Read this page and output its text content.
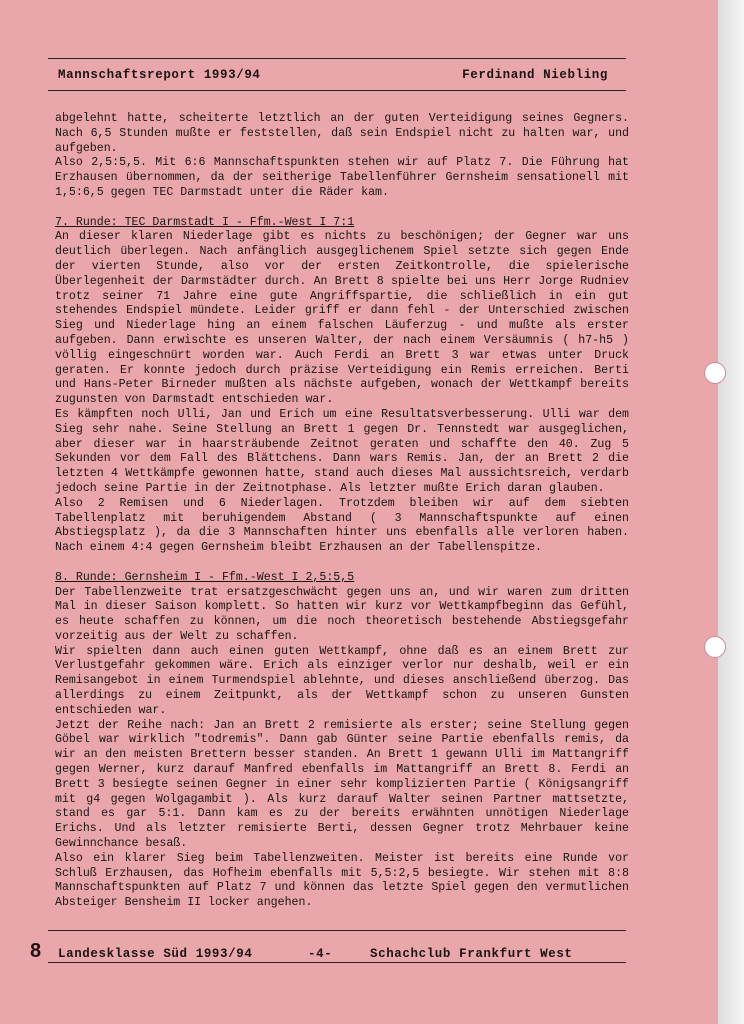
Mannschaftsreport 1993/94	Ferdinand Niebling

abgelehnt hatte, scheiterte letztlich an der guten Verteidigung seines Gegners. Nach 6,5 Stunden mußte er feststellen, daß sein Endspiel nicht zu halten war, und aufgeben.

Also 2,5:5,5. Mit 6:6 Mannschaftspunkten stehen wir auf Platz 7. Die Führung hat Erzhausen übernommen, da der seitherige Tabellenführer Gernsheim sensationell mit 1,5:6,5 gegen TEC Darmstadt unter die Räder kam.

7. Runde: TEC Darmstadt I - Ffm.-West I 7:1

An dieser klaren Niederlage gibt es nichts zu beschönigen; der Gegner war uns deutlich überlegen. Nach anfänglich ausgeglichenem Spiel setzte sich gegen Ende der vierten Stunde, also vor der ersten Zeitkontrolle, die spielerische Überlegenheit der Darmstädter durch. An Brett 8 spielte bei uns Herr Jorge Rudniev trotz seiner 71 Jahre eine gute Angriffspartie, die schließlich in ein gut stehendes Endspiel mündete. Leider griff er dann fehl - der Unterschied zwischen Sieg und Niederlage hing an einem falschen Läuferzug - und mußte als erster aufgeben. Dann erwischte es unseren Walter, der nach einem Versäumnis ( h7-h5 ) völlig eingeschnürt worden war. Auch Ferdi an Brett 3 war etwas unter Druck geraten. Er konnte jedoch durch präzise Verteidigung ein Remis erreichen. Berti und Hans-Peter Birneder mußten als nächste aufgeben, wonach der Wettkampf bereits zugunsten von Darmstadt entschieden war.

Es kämpften noch Ulli, Jan und Erich um eine Resultatsverbesserung. Ulli war dem Sieg sehr nahe. Seine Stellung an Brett 1 gegen Dr. Tennstedt war ausgeglichen, aber dieser war in haarsträubende Zeitnot geraten und schaffte den 40. Zug 5 Sekunden vor dem Fall des Blättchens. Dann wars Remis. Jan, der an Brett 2 die letzten 4 Wettkämpfe gewonnen hatte, stand auch dieses Mal aussichtsreich, verdarb jedoch seine Partie in der Zeitnotphase. Als letzter mußte Erich daran glauben.

Also 2 Remisen und 6 Niederlagen. Trotzdem bleiben wir auf dem siebten Tabellenplatz mit beruhigendem Abstand ( 3 Mannschaftspunkte auf einen Abstiegsplatz ), da die 3 Mannschaften hinter uns ebenfalls alle verloren haben. Nach einem 4:4 gegen Gernsheim bleibt Erzhausen an der Tabellenspitze.

8. Runde: Gernsheim I - Ffm.-West I 2,5:5,5

Der Tabellenzweite trat ersatzgeschwächt gegen uns an, und wir waren zum dritten Mal in dieser Saison komplett. So hatten wir kurz vor Wettkampfbeginn das Gefühl, es heute schaffen zu können, um die noch theoretisch bestehende Abstiegsgefahr vorzeitig aus der Welt zu schaffen.

Wir spielten dann auch einen guten Wettkampf, ohne daß es an einem Brett zur Verlustgefahr gekommen wäre. Erich als einziger verlor nur deshalb, weil er ein Remisangebot in einem Turmendspiel ablehnte, und dieses anschließend überzog. Das allerdings zu einem Zeitpunkt, als der Wettkampf schon zu unseren Gunsten entschieden war.

Jetzt der Reihe nach: Jan an Brett 2 remisierte als erster; seine Stellung gegen Göbel war wirklich "todremis". Dann gab Günter seine Partie ebenfalls remis, da wir an den meisten Brettern besser standen. An Brett 1 gewann Ulli im Mattangriff gegen Werner, kurz darauf Manfred ebenfalls im Mattangriff an Brett 8. Ferdi an Brett 3 besiegte seinen Gegner in einer sehr komplizierten Partie ( Königsangriff mit g4 gegen Wolgagambit ). Als kurz darauf Walter seinen Partner mattsetzte, stand es gar 5:1. Dann kam es zu der bereits erwähnten unnötigen Niederlage Erichs. Und als letzter remisierte Berti, dessen Gegner trotz Mehrbauer keine Gewinnchance besaß.

Also ein klarer Sieg beim Tabellenzweiten. Meister ist bereits eine Runde vor Schluß Erzhausen, das Hofheim ebenfalls mit 5,5:2,5 besiegte. Wir stehen mit 8:8 Mannschaftspunkten auf Platz 7 und können das letzte Spiel gegen den vermutlichen Absteiger Bensheim II locker angehen.

8	Landesklasse Süd 1993/94	-4-	Schachclub Frankfurt West
